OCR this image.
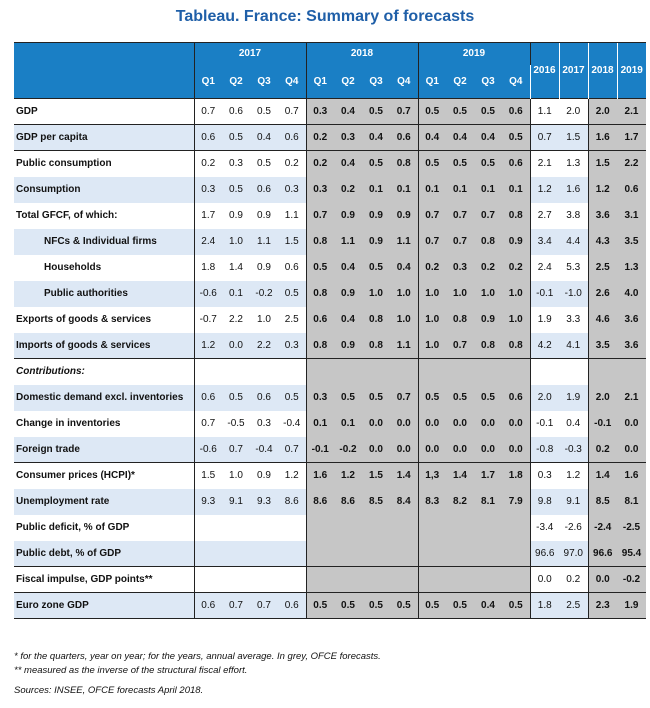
Tableau. France: Summary of forecasts
	2017				2018				2019				2016	2017	2018	2019
	Q1	Q2	Q3	Q4	Q1	Q2	Q3	Q4	Q1	Q2	Q3	Q4				
GDP	0.7	0.6	0.5	0.7	0.3	0.4	0.5	0.7	0.5	0.5	0.5	0.6	1.1	2.0	2.0	2.1
GDP per capita	0.6	0.5	0.4	0.6	0.2	0.3	0.4	0.6	0.4	0.4	0.4	0.5	0.7	1.5	1.6	1.7
Public consumption	0.2	0.3	0.5	0.2	0.2	0.4	0.5	0.8	0.5	0.5	0.5	0.6	2.1	1.3	1.5	2.2
Consumption	0.3	0.5	0.6	0.3	0.3	0.2	0.1	0.1	0.1	0.1	0.1	0.1	1.2	1.6	1.2	0.6
Total GFCF, of which:	1.7	0.9	0.9	1.1	0.7	0.9	0.9	0.9	0.7	0.7	0.7	0.8	2.7	3.8	3.6	3.1
NFCs & Individual firms	2.4	1.0	1.1	1.5	0.8	1.1	0.9	1.1	0.7	0.7	0.8	0.9	3.4	4.4	4.3	3.5
Households	1.8	1.4	0.9	0.6	0.5	0.4	0.5	0.4	0.2	0.3	0.2	0.2	2.4	5.3	2.5	1.3
Public authorities	-0.6	0.1	-0.2	0.5	0.8	0.9	1.0	1.0	1.0	1.0	1.0	1.0	-0.1	-1.0	2.6	4.0
Exports of goods & services	-0.7	2.2	1.0	2.5	0.6	0.4	0.8	1.0	1.0	0.8	0.9	1.0	1.9	3.3	4.6	3.6
Imports of goods & services	1.2	0.0	2.2	0.3	0.8	0.9	0.8	1.1	1.0	0.7	0.8	0.8	4.2	4.1	3.5	3.6
Contributions:																
Domestic demand excl. inventories	0.6	0.5	0.6	0.5	0.3	0.5	0.5	0.7	0.5	0.5	0.5	0.6	2.0	1.9	2.0	2.1
Change in inventories	0.7	-0.5	0.3	-0.4	0.1	0.1	0.0	0.0	0.0	0.0	0.0	0.0	-0.1	0.4	-0.1	0.0
Foreign trade	-0.6	0.7	-0.4	0.7	-0.1	-0.2	0.0	0.0	0.0	0.0	0.0	0.0	-0.8	-0.3	0.2	0.0
Consumer prices (HCPI)*	1.5	1.0	0.9	1.2	1.6	1.2	1.5	1.4	1,3	1.4	1.7	1.8	0.3	1.2	1.4	1.6
Unemployment rate	9.3	9.1	9.3	8.6	8.6	8.6	8.5	8.4	8.3	8.2	8.1	7.9	9.8	9.1	8.5	8.1
Public deficit, % of GDP													-3.4	-2.6	-2.4	-2.5
Public debt, % of GDP													96.6	97.0	96.6	95.4
Fiscal impulse, GDP points**													0.0	0.2	0.0	-0.2
Euro zone GDP	0.6	0.7	0.7	0.6	0.5	0.5	0.5	0.5	0.5	0.5	0.4	0.5	1.8	2.5	2.3	1.9
* for the quarters, year on year; for the years, annual average. In grey, OFCE forecasts.
** measured as the inverse of the structural fiscal effort.
Sources: INSEE, OFCE forecasts April 2018.
